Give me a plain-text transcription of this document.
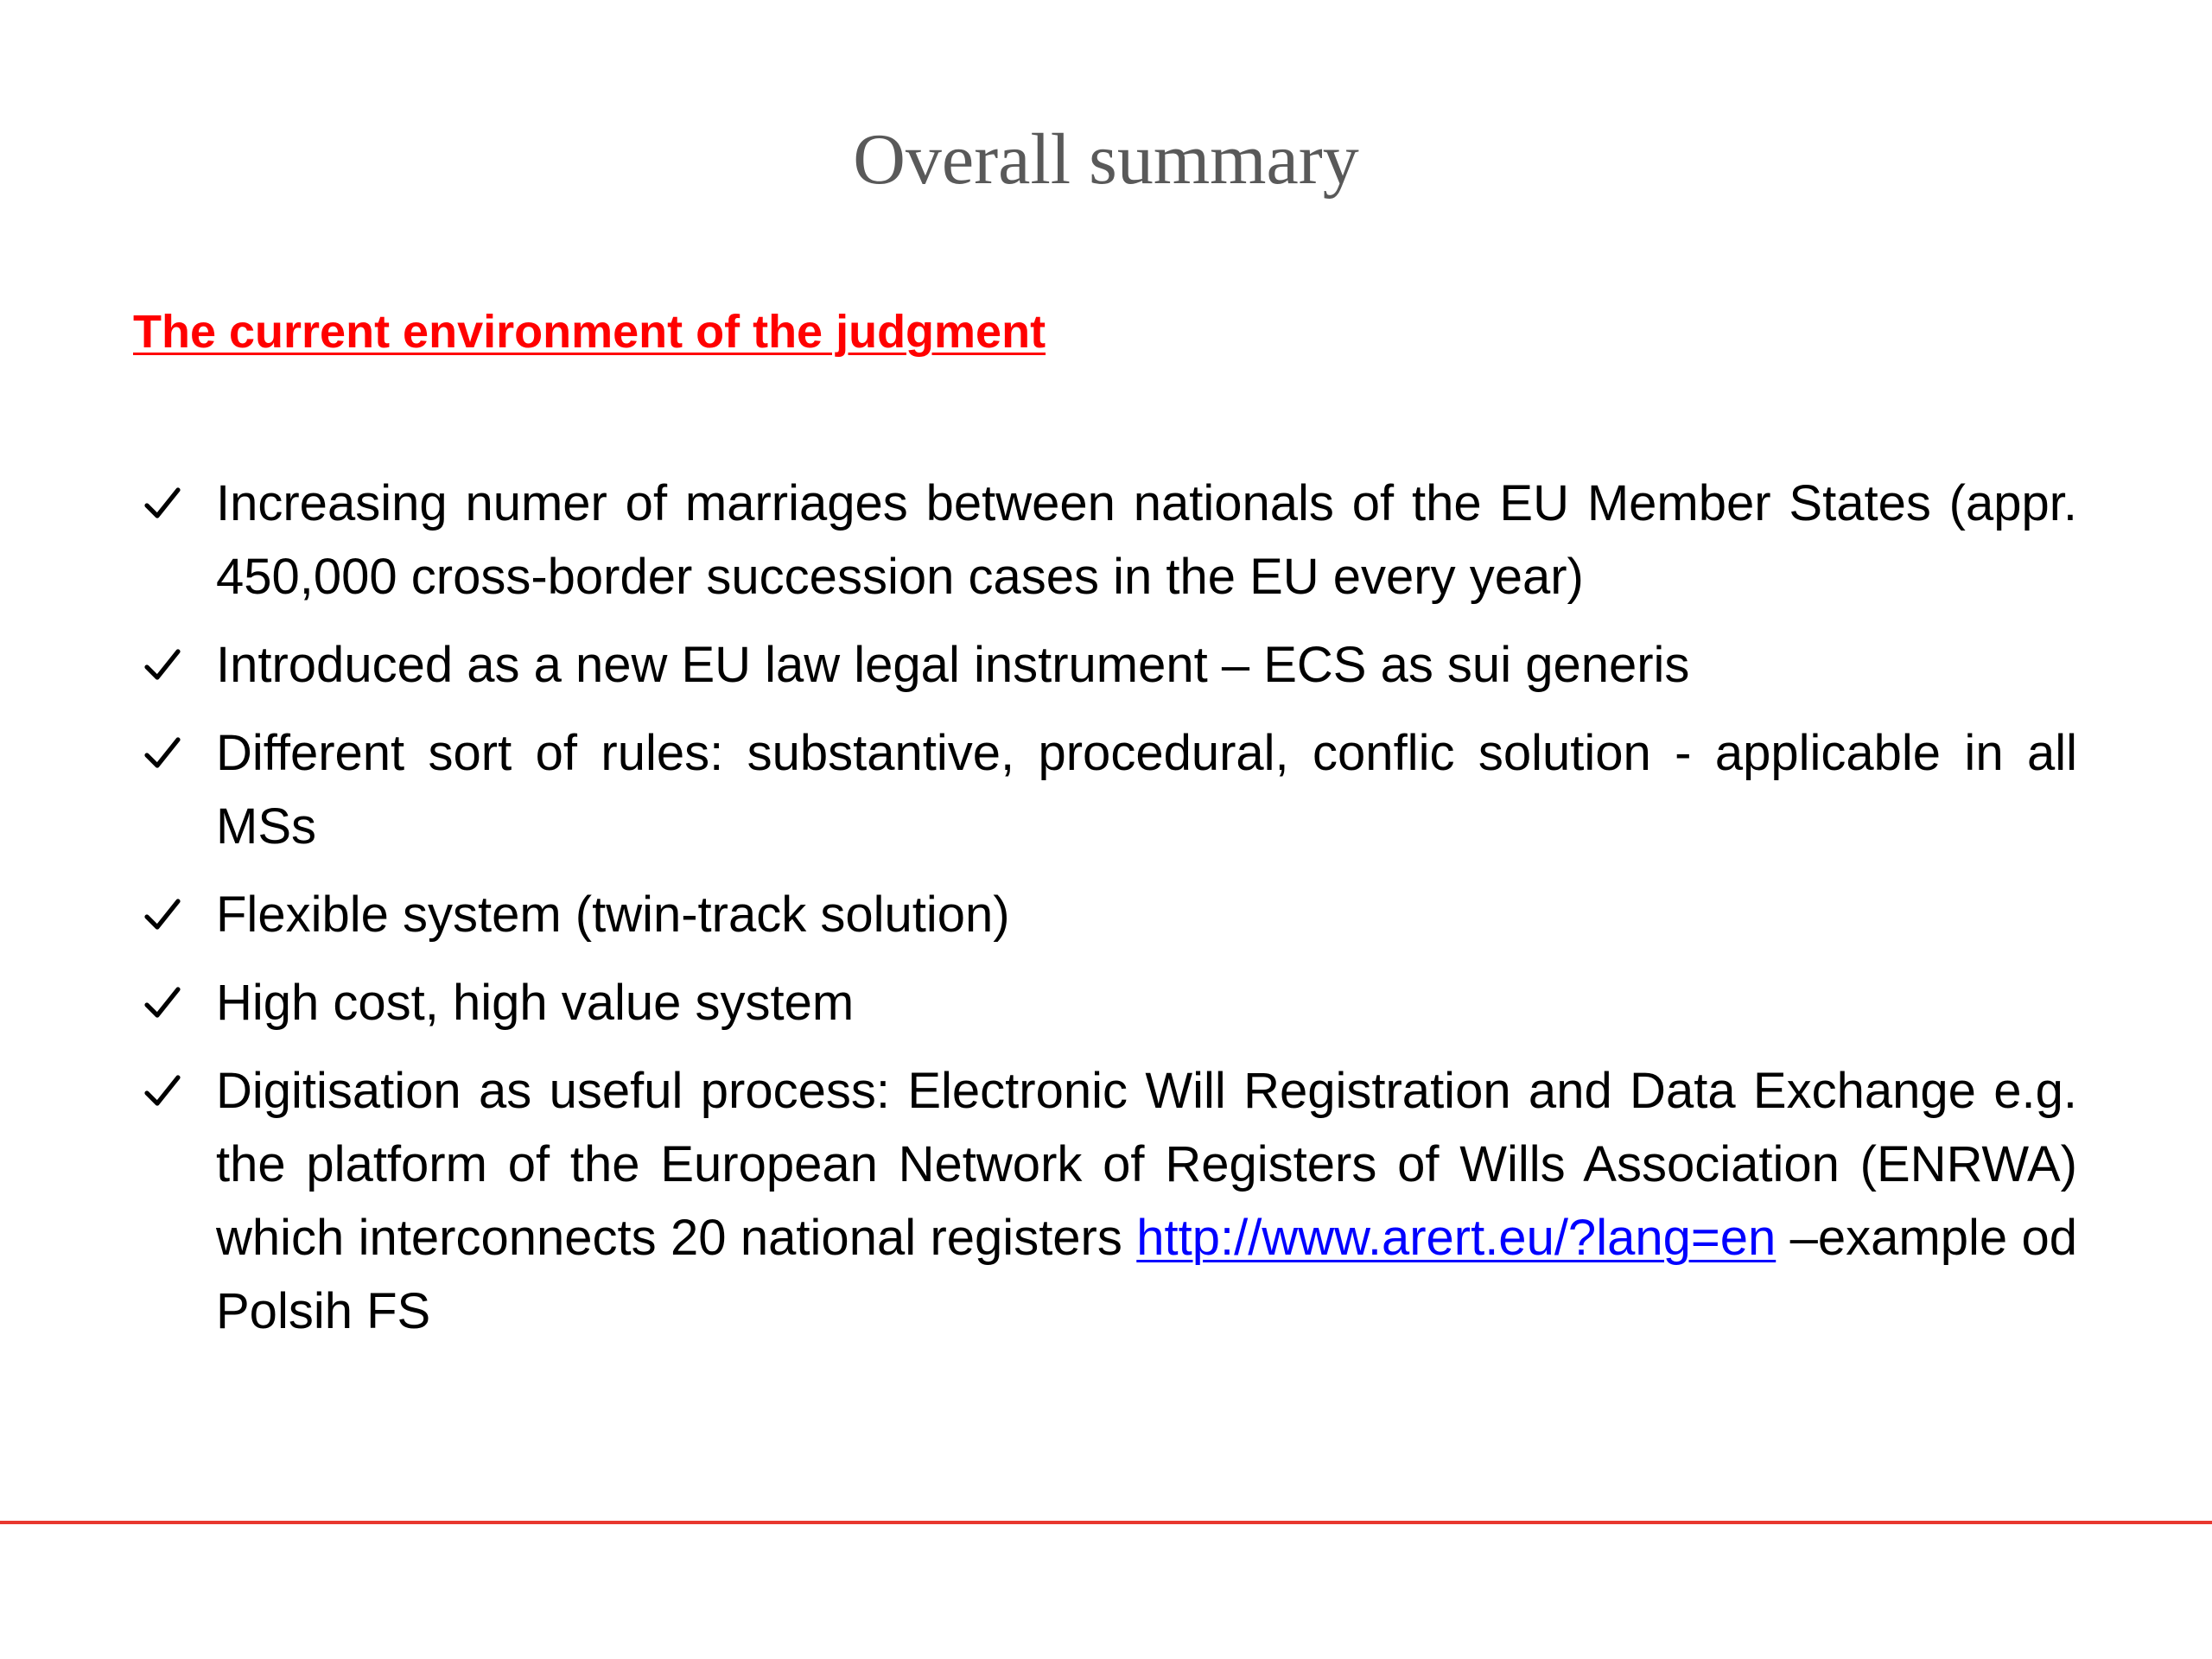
Overall summary

The current environment of the judgment

Increasing numer of marriages between nationals of the EU Member States (appr. 450,000 cross-border succession cases in the EU every year)
Introduced as a new EU law legal instrument – ECS as sui generis
Different sort of rules: substantive, procedural, conflic solution - applicable in all MSs
Flexible system (twin-track solution)
High cost, high value system
Digitisation as useful process: Electronic Will Registration and Data Exchange e.g. the platform of the European Network of Registers of Wills Association (ENRWA) which interconnects 20 national registers http://www.arert.eu/?lang=en –example od Polsih FS
